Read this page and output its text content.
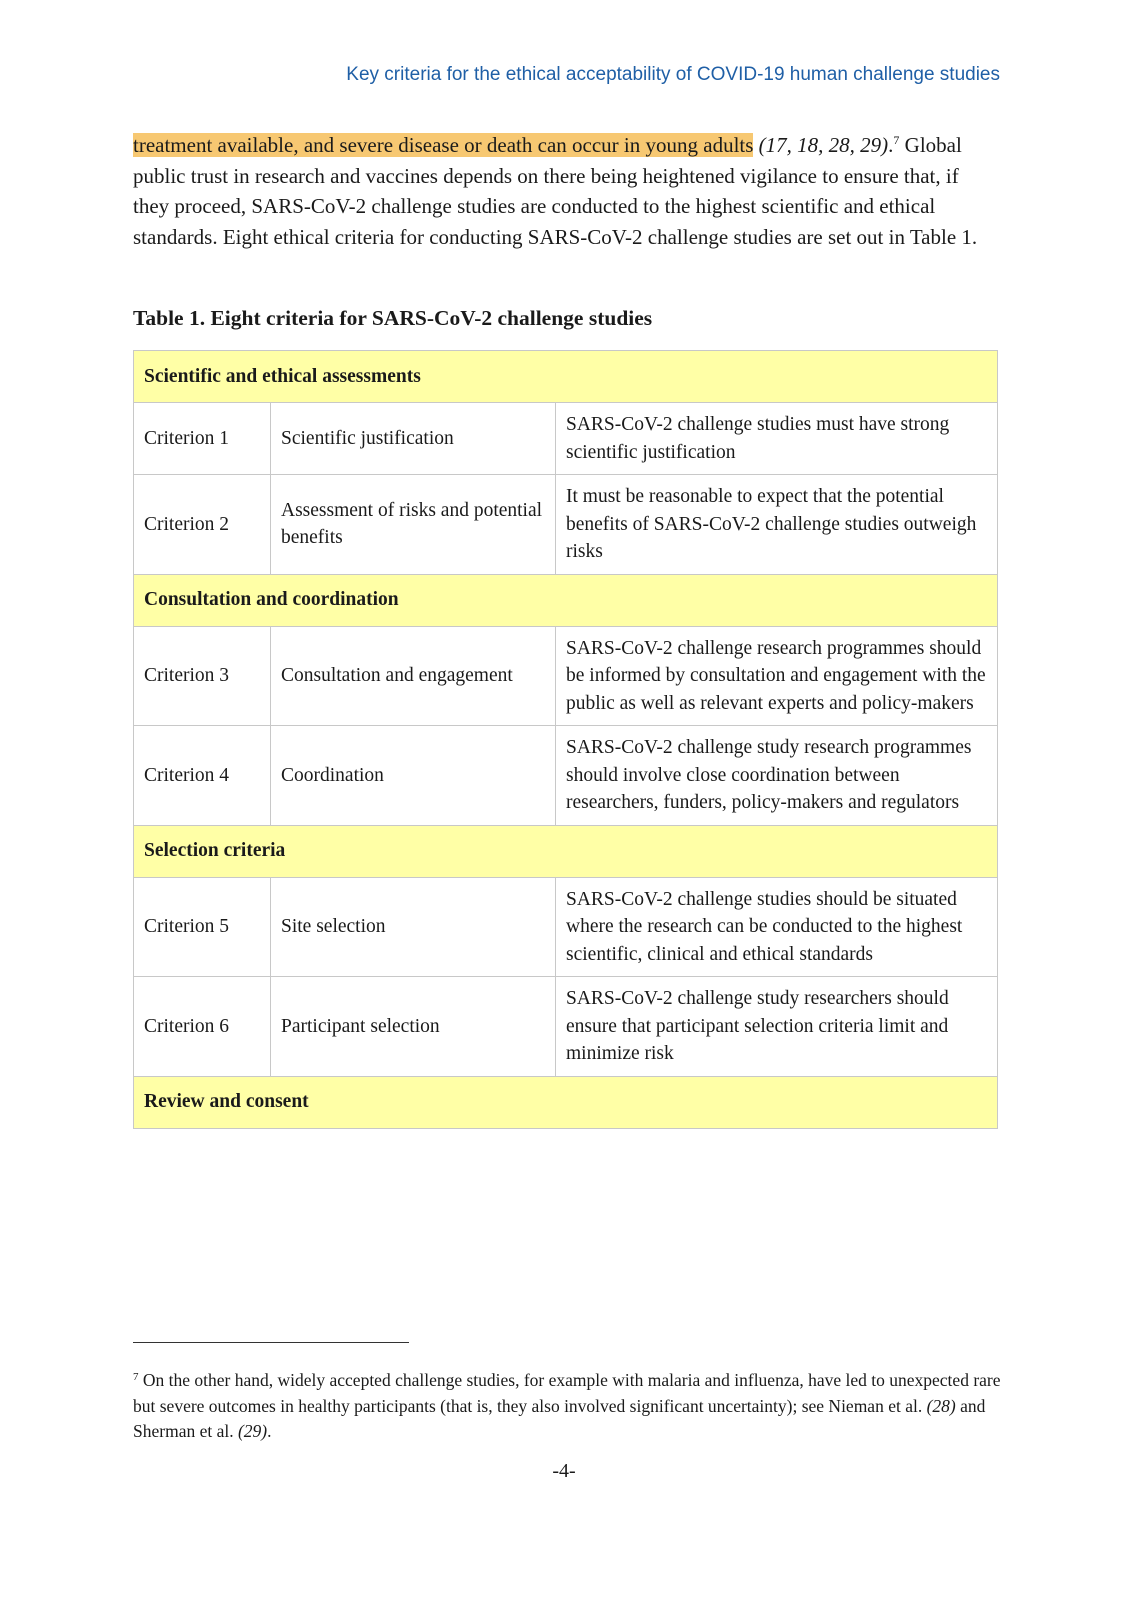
Key criteria for the ethical acceptability of COVID-19 human challenge studies

treatment available, and severe disease or death can occur in young adults (17, 18, 28, 29).$^7$ Global public trust in research and vaccines depends on there being heightened vigilance to ensure that, if they proceed, SARS-CoV-2 challenge studies are conducted to the highest scientific and ethical standards. Eight ethical criteria for conducting SARS-CoV-2 challenge studies are set out in Table 1.

Table 1. Eight criteria for SARS-CoV-2 challenge studies

Scientific and ethical assessments		
Criterion 1	Scientific justification	SARS-CoV-2 challenge studies must have strong scientific justification
Criterion 2	Assessment of risks and potential benefits	It must be reasonable to expect that the potential benefits of SARS-CoV-2 challenge studies outweigh risks
Consultation and coordination		
Criterion 3	Consultation and engagement	SARS-CoV-2 challenge research programmes should be informed by consultation and engagement with the public as well as relevant experts and policy-makers
Criterion 4	Coordination	SARS-CoV-2 challenge study research programmes should involve close coordination between researchers, funders, policy-makers and regulators
Selection criteria		
Criterion 5	Site selection	SARS-CoV-2 challenge studies should be situated where the research can be conducted to the highest scientific, clinical and ethical standards
Criterion 6	Participant selection	SARS-CoV-2 challenge study researchers should ensure that participant selection criteria limit and minimize risk
Review and consent		

$^7$ On the other hand, widely accepted challenge studies, for example with malaria and influenza, have led to unexpected rare but severe outcomes in healthy participants (that is, they also involved significant uncertainty); see Nieman et al. (28) and Sherman et al. (29).

-4-
